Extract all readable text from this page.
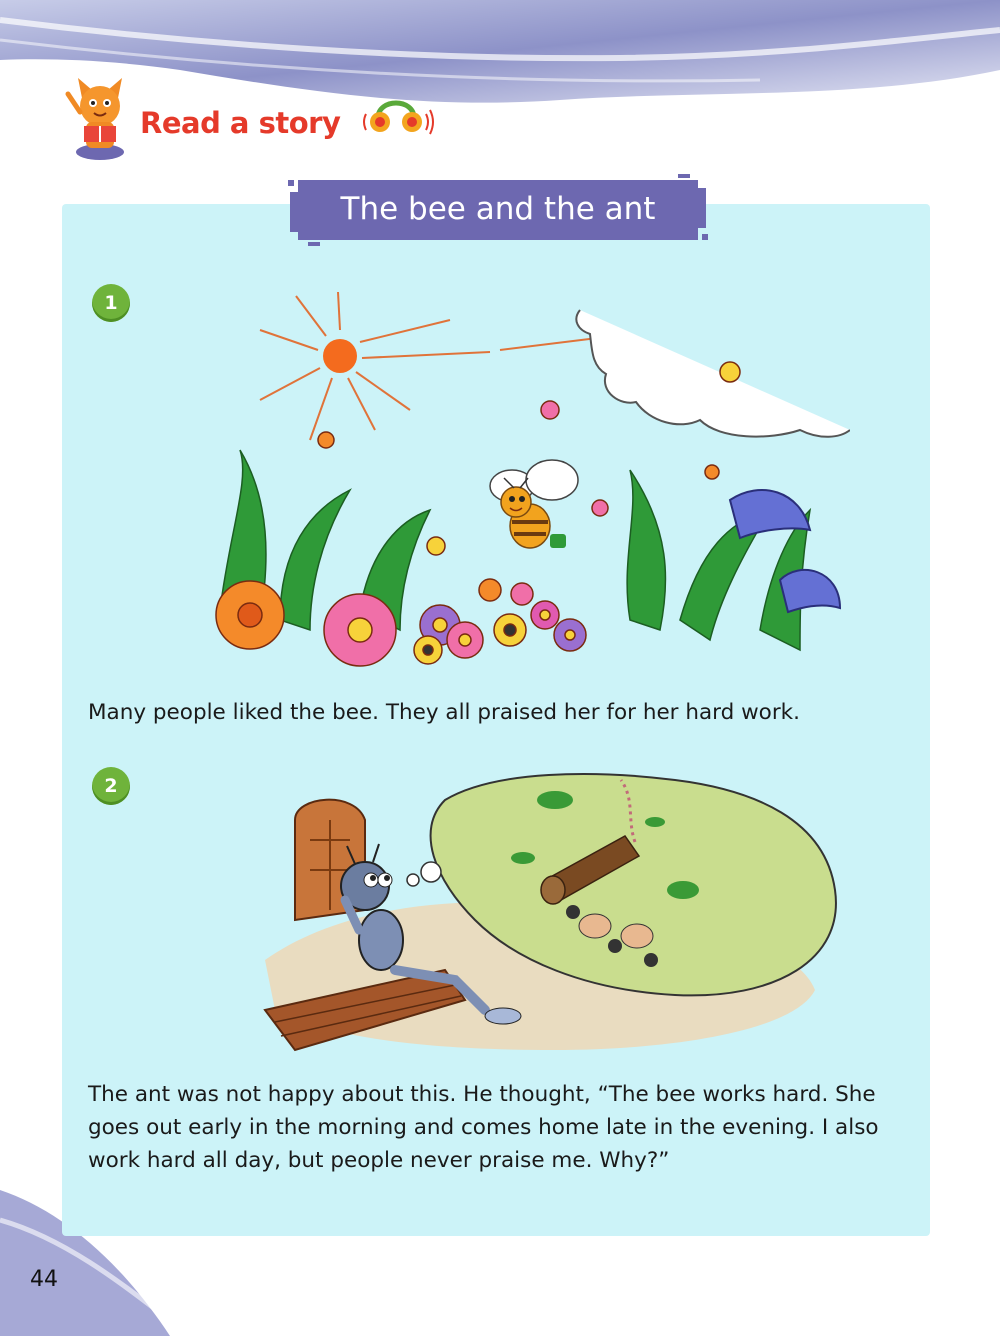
Read a story
The bee and the ant
1
Many people liked the bee. They all praised her for her hard work.
2
The ant was not happy about this. He thought, “The bee works hard. She goes out early in the morning and comes home late in the evening. I also work hard all day, but people never praise me. Why?”
44
